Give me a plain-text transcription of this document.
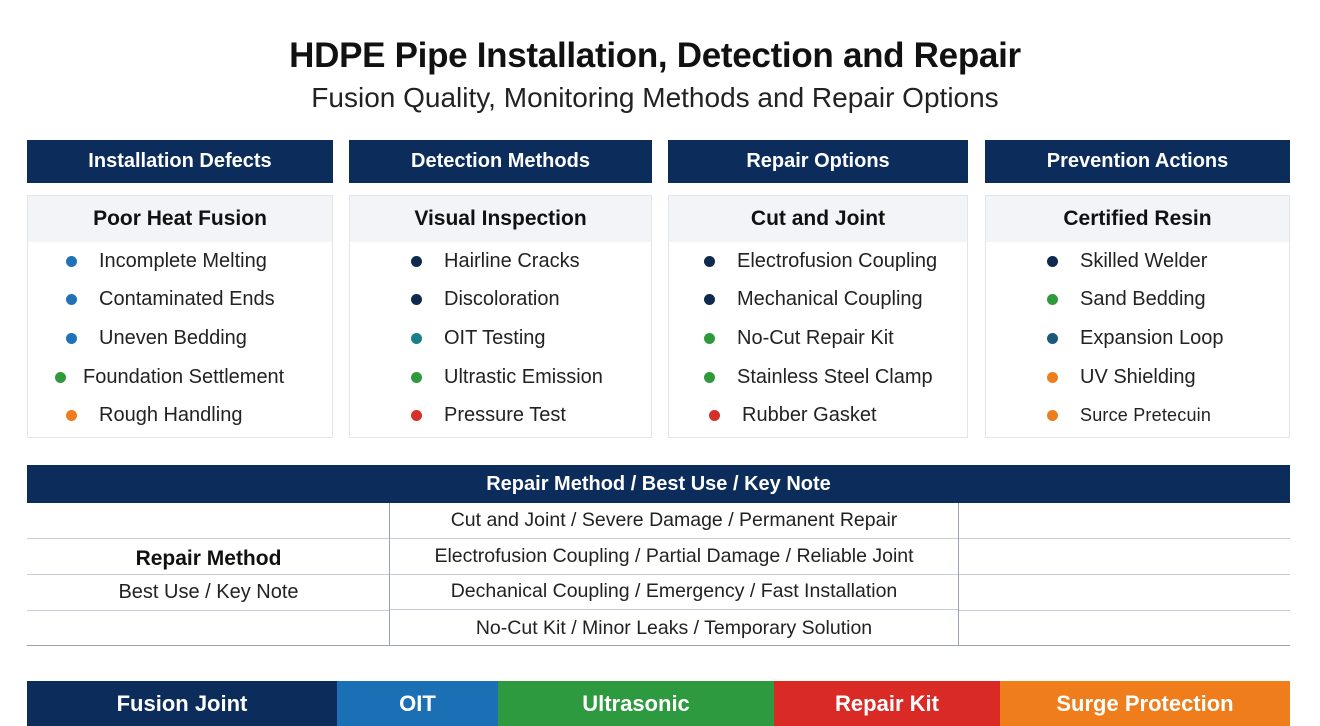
HDPE Pipe Installation, Detection and Repair
Fusion Quality, Monitoring Methods and Repair Options
Installation Defects	Detection Methods	Repair Options	Prevention Actions
Poor Heat Fusion
Incomplete Melting
Contaminated Ends
Uneven Bedding
Foundation Settlement
Rough Handling
Visual Inspection
Hairline Cracks
Discoloration
OIT Testing
Ultrastic Emission
Pressure Test
Cut and Joint
Electrofusion Coupling
Mechanical Coupling
No-Cut Repair Kit
Stainless Steel Clamp
Rubber Gasket
Certified Resin
Skilled Welder
Sand Bedding
Expansion Loop
UV Shielding
Surce Pretecuin
Repair Method / Best Use / Key Note
Repair Method
Best Use / Key Note
Cut and Joint / Severe Damage / Permanent Repair
Electrofusion Coupling / Partial Damage / Reliable Joint
Dechanical Coupling / Emergency / Fast Installation
No-Cut Kit / Minor Leaks / Temporary Solution
Fusion Joint	OIT	Ultrasonic	Repair Kit	Surge Protection
